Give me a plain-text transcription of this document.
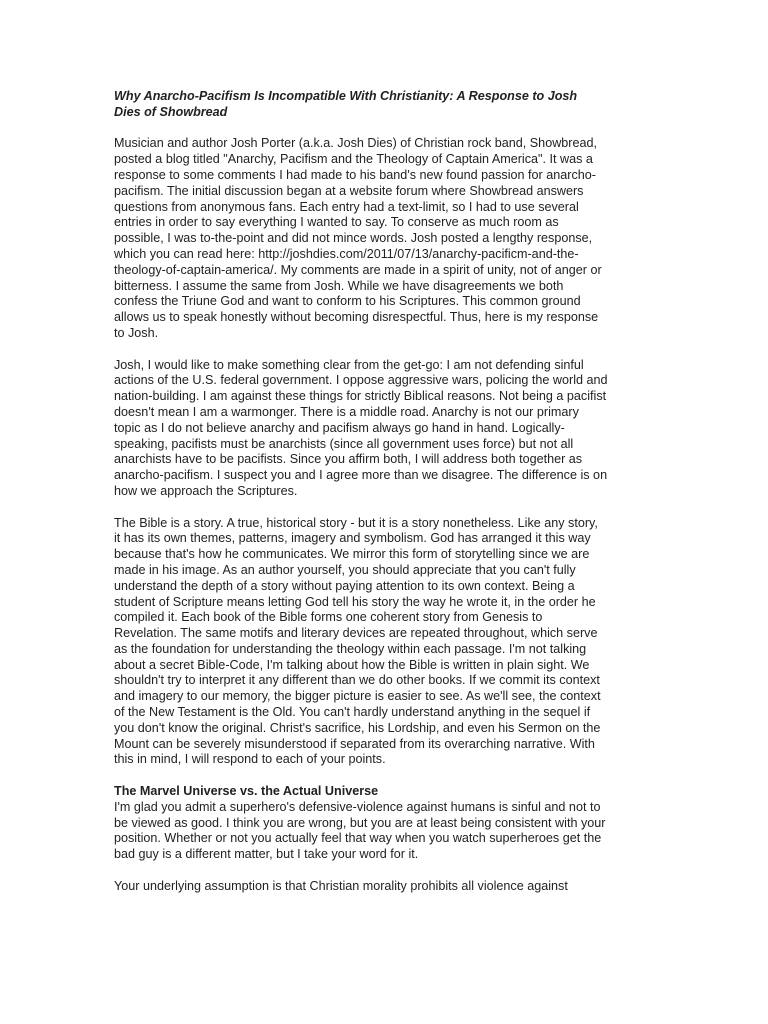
Why Anarcho-Pacifism Is Incompatible With Christianity: A Response to Josh
Dies of Showbread
Musician and author Josh Porter (a.k.a. Josh Dies) of Christian rock band, Showbread,
posted a blog titled "Anarchy, Pacifism and the Theology of Captain America". It was a
response to some comments I had made to his band's new found passion for anarcho-
pacifism. The initial discussion began at a website forum where Showbread answers
questions from anonymous fans. Each entry had a text-limit, so I had to use several
entries in order to say everything I wanted to say. To conserve as much room as
possible, I was to-the-point and did not mince words. Josh posted a lengthy response,
which you can read here: http://joshdies.com/2011/07/13/anarchy-pacificm-and-the-
theology-of-captain-america/. My comments are made in a spirit of unity, not of anger or
bitterness. I assume the same from Josh. While we have disagreements we both
confess the Triune God and want to conform to his Scriptures. This common ground
allows us to speak honestly without becoming disrespectful. Thus, here is my response
to Josh.
Josh, I would like to make something clear from the get-go: I am not defending sinful
actions of the U.S. federal government. I oppose aggressive wars, policing the world and
nation-building. I am against these things for strictly Biblical reasons. Not being a pacifist
doesn't mean I am a warmonger. There is a middle road. Anarchy is not our primary
topic as I do not believe anarchy and pacifism always go hand in hand. Logically-
speaking, pacifists must be anarchists (since all government uses force) but not all
anarchists have to be pacifists. Since you affirm both, I will address both together as
anarcho-pacifism. I suspect you and I agree more than we disagree. The difference is on
how we approach the Scriptures.
The Bible is a story. A true, historical story - but it is a story nonetheless. Like any story,
it has its own themes, patterns, imagery and symbolism. God has arranged it this way
because that's how he communicates. We mirror this form of storytelling since we are
made in his image. As an author yourself, you should appreciate that you can't fully
understand the depth of a story without paying attention to its own context. Being a
student of Scripture means letting God tell his story the way he wrote it, in the order he
compiled it. Each book of the Bible forms one coherent story from Genesis to
Revelation. The same motifs and literary devices are repeated throughout, which serve
as the foundation for understanding the theology within each passage. I'm not talking
about a secret Bible-Code, I'm talking about how the Bible is written in plain sight. We
shouldn't try to interpret it any different than we do other books. If we commit its context
and imagery to our memory, the bigger picture is easier to see. As we'll see, the context
of the New Testament is the Old. You can't hardly understand anything in the sequel if
you don't know the original. Christ's sacrifice, his Lordship, and even his Sermon on the
Mount can be severely misunderstood if separated from its overarching narrative. With
this in mind, I will respond to each of your points.
The Marvel Universe vs. the Actual Universe
I'm glad you admit a superhero's defensive-violence against humans is sinful and not to
be viewed as good. I think you are wrong, but you are at least being consistent with your
position. Whether or not you actually feel that way when you watch superheroes get the
bad guy is a different matter, but I take your word for it.
Your underlying assumption is that Christian morality prohibits all violence against
